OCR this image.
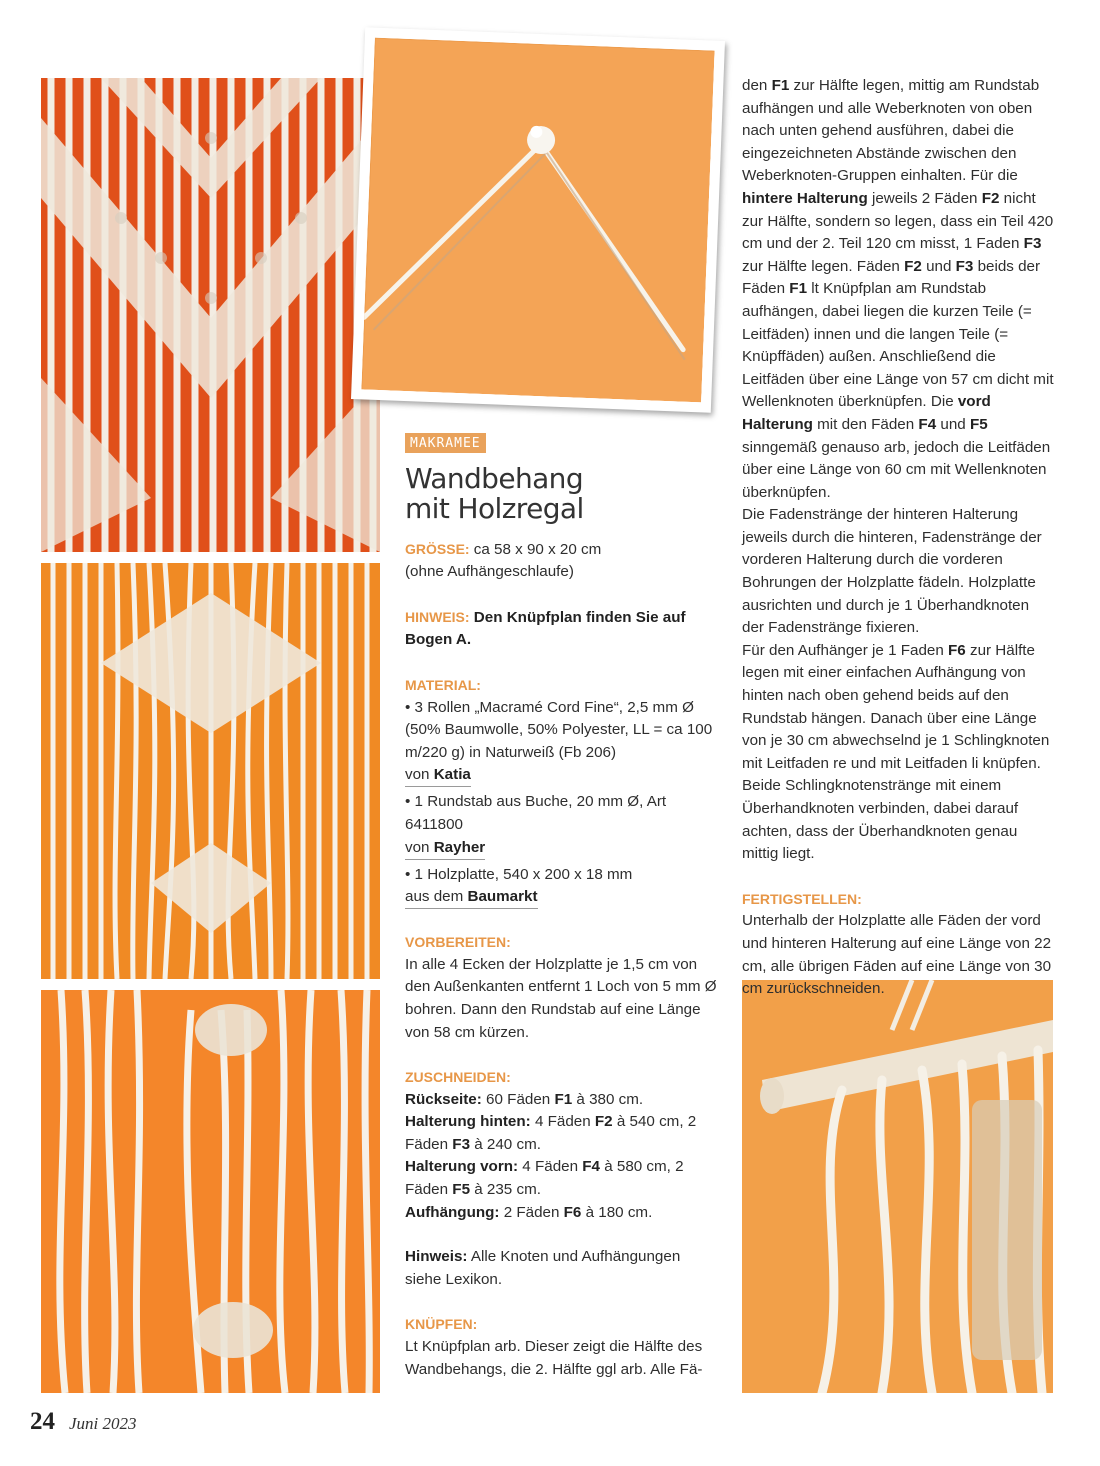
MAKRAMEE
Wandbehang
mit Holzregal
GRÖSSE: ca 58 x 90 x 20 cm
(ohne Aufhängeschlaufe)
HINWEIS: Den Knüpfplan finden Sie auf Bogen A.
MATERIAL:
• 3 Rollen „Macramé Cord Fine“, 2,5 mm Ø (50% Baumwolle, 50% Polyester, LL = ca 100 m/220 g) in Naturweiß (Fb 206)
von Katia
• 1 Rundstab aus Buche, 20 mm Ø, Art 6411800
von Rayher
• 1 Holzplatte, 540 x 200 x 18 mm
aus dem Baumarkt
VORBEREITEN:
In alle 4 Ecken der Holzplatte je 1,5 cm von den Außenkanten entfernt 1 Loch von 5 mm Ø bohren. Dann den Rundstab auf eine Länge von 58 cm kürzen.
ZUSCHNEIDEN:
Rückseite: 60 Fäden F1 à 380 cm.
Halterung hinten: 4 Fäden F2 à 540 cm, 2 Fäden F3 à 240 cm.
Halterung vorn: 4 Fäden F4 à 580 cm, 2 Fäden F5 à 235 cm.
Aufhängung: 2 Fäden F6 à 180 cm.
Hinweis: Alle Knoten und Aufhängungen siehe Lexikon.
KNÜPFEN:
Lt Knüpfplan arb. Dieser zeigt die Hälfte des Wandbehangs, die 2. Hälfte ggl arb. Alle Fä-
den F1 zur Hälfte legen, mittig am Rundstab aufhängen und alle Weberknoten von oben nach unten gehend ausführen, dabei die eingezeichneten Abstände zwischen den Weberknoten-Gruppen einhalten. Für die hintere Halterung jeweils 2 Fäden F2 nicht zur Hälfte, sondern so legen, dass ein Teil 420 cm und der 2. Teil 120 cm misst, 1 Faden F3 zur Hälfte legen. Fäden F2 und F3 beids der Fäden F1 lt Knüpfplan am Rundstab aufhängen, dabei liegen die kurzen Teile (= Leitfäden) innen und die langen Teile (= Knüpffäden) außen. Anschließend die Leitfäden über eine Länge von 57 cm dicht mit Wellenknoten überknüpfen. Die vord Halterung mit den Fäden F4 und F5 sinngemäß genauso arb, jedoch die Leitfäden über eine Länge von 60 cm mit Wellenknoten überknüpfen.
Die Fadenstränge der hinteren Halterung jeweils durch die hinteren, Fadenstränge der vorderen Halterung durch die vorderen Bohrungen der Holzplatte fädeln. Holzplatte ausrichten und durch je 1 Überhandknoten der Fadenstränge fixieren.
Für den Aufhänger je 1 Faden F6 zur Hälfte legen mit einer einfachen Aufhängung von hinten nach oben gehend beids auf den Rundstab hängen. Danach über eine Länge von je 30 cm abwechselnd je 1 Schlingknoten mit Leitfaden re und mit Leitfaden li knüpfen. Beide Schlingknotenstränge mit einem Überhandknoten verbinden, dabei darauf achten, dass der Überhandknoten genau mittig liegt.
FERTIGSTELLEN:
Unterhalb der Holzplatte alle Fäden der vord und hinteren Halterung auf eine Länge von 22 cm, alle übrigen Fäden auf eine Länge von 30 cm zurückschneiden.
24 Juni 2023
